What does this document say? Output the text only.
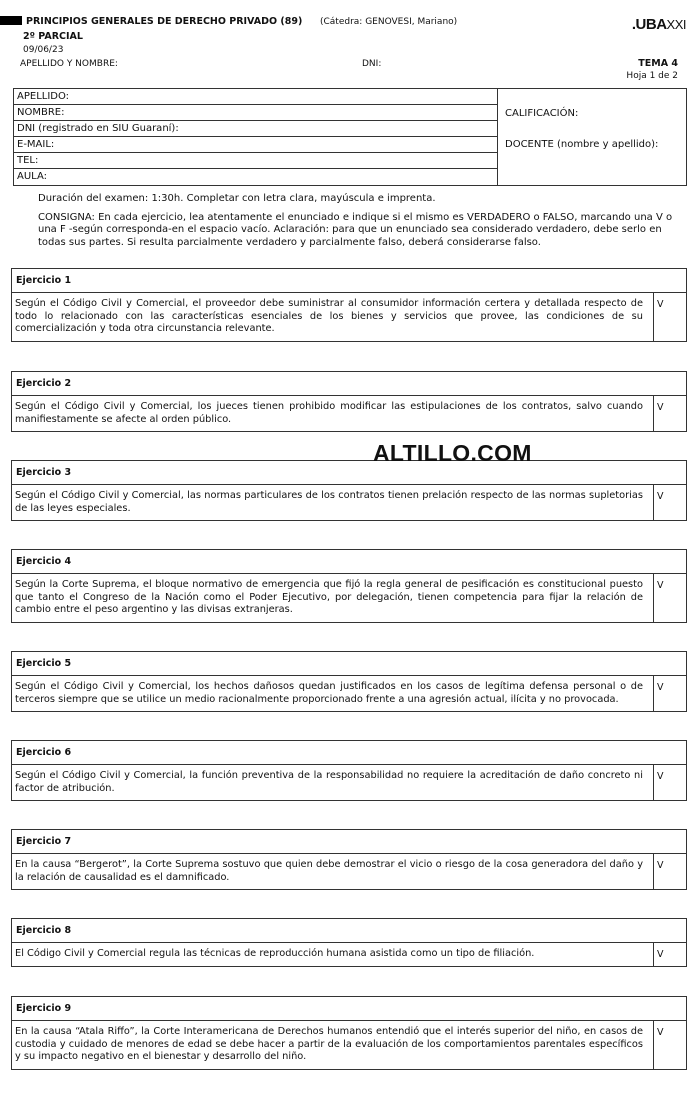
PRINCIPIOS GENERALES DE DERECHO PRIVADO (89) (Cátedra: GENOVESI, Mariano)
2º PARCIAL
09/06/23
APELLIDO Y NOMBRE:	DNI:
.UBAXXI
TEMA 4
Hoja 1 de 2
APELLIDO:
NOMBRE:
DNI (registrado en SIU Guaraní):
E-MAIL:
TEL:
AULA:
CALIFICACIÓN:
DOCENTE (nombre y apellido):
Duración del examen: 1:30h. Completar con letra clara, mayúscula e imprenta.
CONSIGNA: En cada ejercicio, lea atentamente el enunciado e indique si el mismo es VERDADERO o FALSO, marcando una V o una F -según corresponda-en el espacio vacío. Aclaración: para que un enunciado sea considerado verdadero, debe serlo en todas sus partes. Si resulta parcialmente verdadero y parcialmente falso, deberá considerarse falso.
Ejercicio 1
Según el Código Civil y Comercial, el proveedor debe suministrar al consumidor información certera y detallada respecto de todo lo relacionado con las características esenciales de los bienes y servicios que provee, las condiciones de su comercialización y toda otra circunstancia relevante.
V
Ejercicio 2
Según el Código Civil y Comercial, los jueces tienen prohibido modificar las estipulaciones de los contratos, salvo cuando manifiestamente se afecte al orden público.
V
Ejercicio 3
Según el Código Civil y Comercial, las normas particulares de los contratos tienen prelación respecto de las normas supletorias de las leyes especiales.
V
Ejercicio 4
Según la Corte Suprema, el bloque normativo de emergencia que fijó la regla general de pesificación es constitucional puesto que tanto el Congreso de la Nación como el Poder Ejecutivo, por delegación, tienen competencia para fijar la relación de cambio entre el peso argentino y las divisas extranjeras.
V
Ejercicio 5
Según el Código Civil y Comercial, los hechos dañosos quedan justificados en los casos de legítima defensa personal o de terceros siempre que se utilice un medio racionalmente proporcionado frente a una agresión actual, ilícita y no provocada.
V
Ejercicio 6
Según el Código Civil y Comercial, la función preventiva de la responsabilidad no requiere la acreditación de daño concreto ni factor de atribución.
V
Ejercicio 7
En la causa “Bergerot”, la Corte Suprema sostuvo que quien debe demostrar el vicio o riesgo de la cosa generadora del daño y la relación de causalidad es el damnificado.
V
Ejercicio 8
El Código Civil y Comercial regula las técnicas de reproducción humana asistida como un tipo de filiación.	V
Ejercicio 9
En la causa “Atala Riffo”, la Corte Interamericana de Derechos humanos entendió que el interés superior del niño, en casos de custodia y cuidado de menores de edad se debe hacer a partir de la evaluación de los comportamientos parentales específicos y su impacto negativo en el bienestar y desarrollo del niño.
V
ALTILLO.COM
